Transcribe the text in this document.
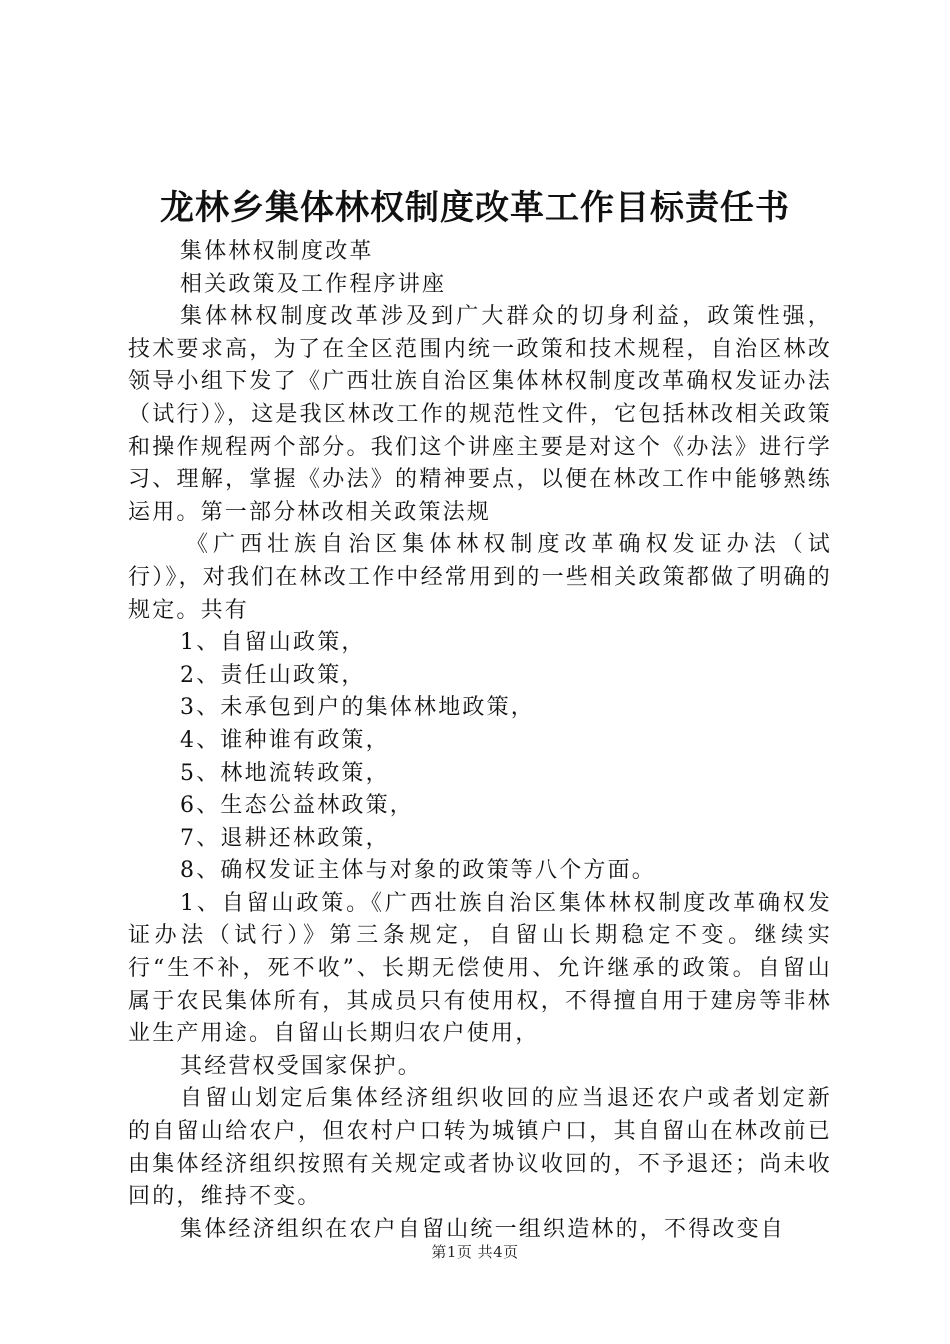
龙林乡集体林权制度改革工作目标责任书

集体林权制度改革

相关政策及工作程序讲座

集体林权制度改革涉及到广大群众的切身利益，政策性强，技术要求高，为了在全区范围内统一政策和技术规程，自治区林改领导小组下发了《广西壮族自治区集体林权制度改革确权发证办法（试行）》，这是我区林改工作的规范性文件，它包括林改相关政策和操作规程两个部分。我们这个讲座主要是对这个《办法》进行学习、理解，掌握《办法》的精神要点，以便在林改工作中能够熟练运用。第一部分林改相关政策法规

《广西壮族自治区集体林权制度改革确权发证办法（试行）》，对我们在林改工作中经常用到的一些相关政策都做了明确的规定。共有

1、自留山政策，

2、责任山政策，

3、未承包到户的集体林地政策，

4、谁种谁有政策，

5、林地流转政策，

6、生态公益林政策，

7、退耕还林政策，

8、确权发证主体与对象的政策等八个方面。

1、自留山政策。《广西壮族自治区集体林权制度改革确权发证办法（试行）》第三条规定，自留山长期稳定不变。继续实行“生不补，死不收”、长期无偿使用、允许继承的政策。自留山属于农民集体所有，其成员只有使用权，不得擅自用于建房等非林业生产用途。自留山长期归农户使用，

其经营权受国家保护。

自留山划定后集体经济组织收回的应当退还农户或者划定新的自留山给农户，但农村户口转为城镇户口，其自留山在林改前已由集体经济组织按照有关规定或者协议收回的，不予退还；尚未收回的，维持不变。

集体经济组织在农户自留山统一组织造林的，不得改变自

第1页 共4页
